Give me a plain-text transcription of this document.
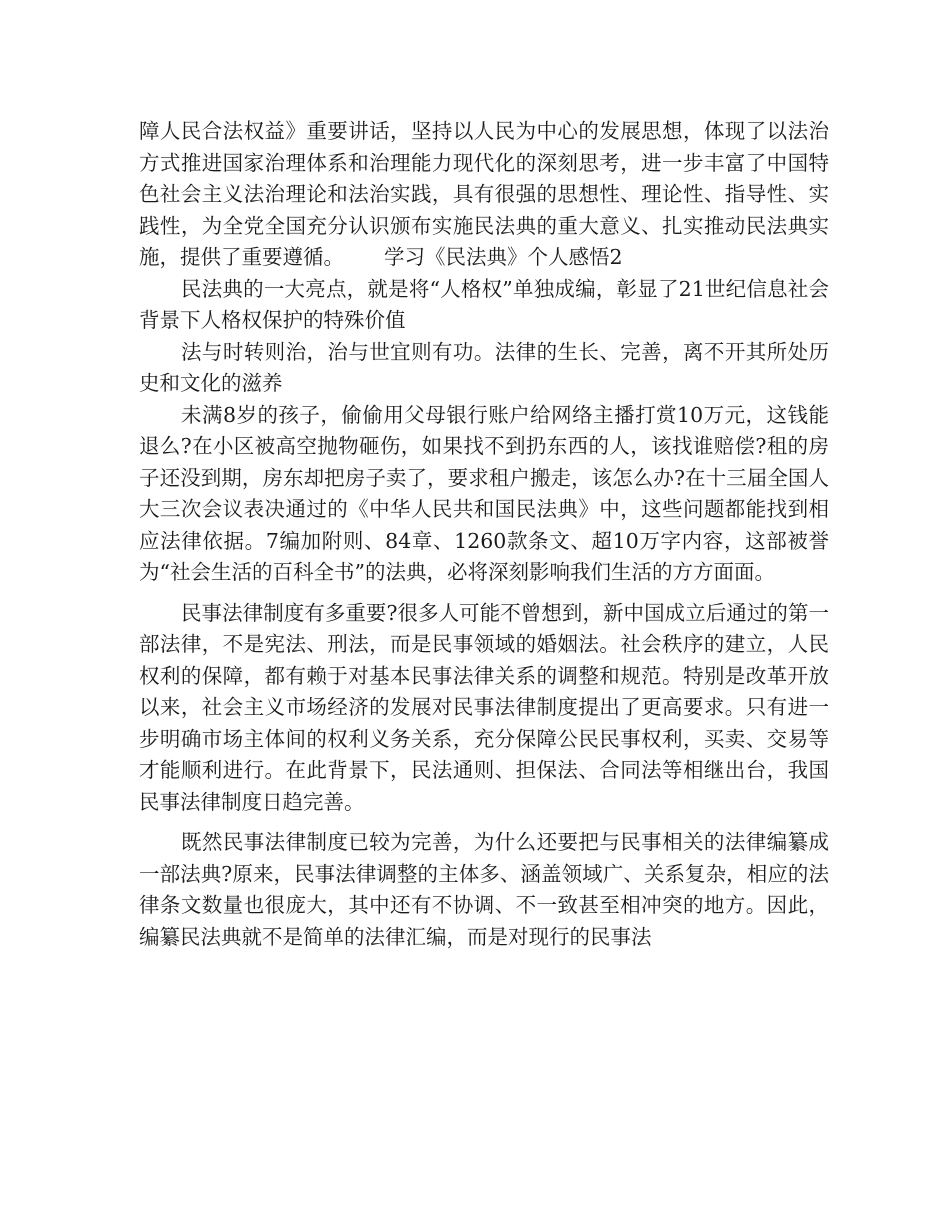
障人民合法权益》重要讲话，坚持以人民为中心的发展思想，体现了以法治方式推进国家治理体系和治理能力现代化的深刻思考，进一步丰富了中国特色社会主义法治理论和法治实践，具有很强的思想性、理论性、指导性、实践性，为全党全国充分认识颁布实施民法典的重大意义、扎实推动民法典实施，提供了重要遵循。 学习《民法典》个人感悟2

民法典的一大亮点，就是将“人格权”单独成编，彰显了21世纪信息社会背景下人格权保护的特殊价值

法与时转则治，治与世宜则有功。法律的生长、完善，离不开其所处历史和文化的滋养

未满8岁的孩子，偷偷用父母银行账户给网络主播打赏10万元，这钱能退么?在小区被高空抛物砸伤，如果找不到扔东西的人，该找谁赔偿?租的房子还没到期，房东却把房子卖了，要求租户搬走，该怎么办?在十三届全国人大三次会议表决通过的《中华人民共和国民法典》中，这些问题都能找到相应法律依据。7编加附则、84章、1260款条文、超10万字内容，这部被誉为“社会生活的百科全书”的法典，必将深刻影响我们生活的方方面面。

民事法律制度有多重要?很多人可能不曾想到，新中国成立后通过的第一部法律，不是宪法、刑法，而是民事领域的婚姻法。社会秩序的建立，人民权利的保障，都有赖于对基本民事法律关系的调整和规范。特别是改革开放以来，社会主义市场经济的发展对民事法律制度提出了更高要求。只有进一步明确市场主体间的权利义务关系，充分保障公民民事权利，买卖、交易等才能顺利进行。在此背景下，民法通则、担保法、合同法等相继出台，我国民事法律制度日趋完善。

既然民事法律制度已较为完善，为什么还要把与民事相关的法律编纂成一部法典?原来，民事法律调整的主体多、涵盖领域广、关系复杂，相应的法律条文数量也很庞大，其中还有不协调、不一致甚至相冲突的地方。因此，编纂民法典就不是简单的法律汇编，而是对现行的民事法
